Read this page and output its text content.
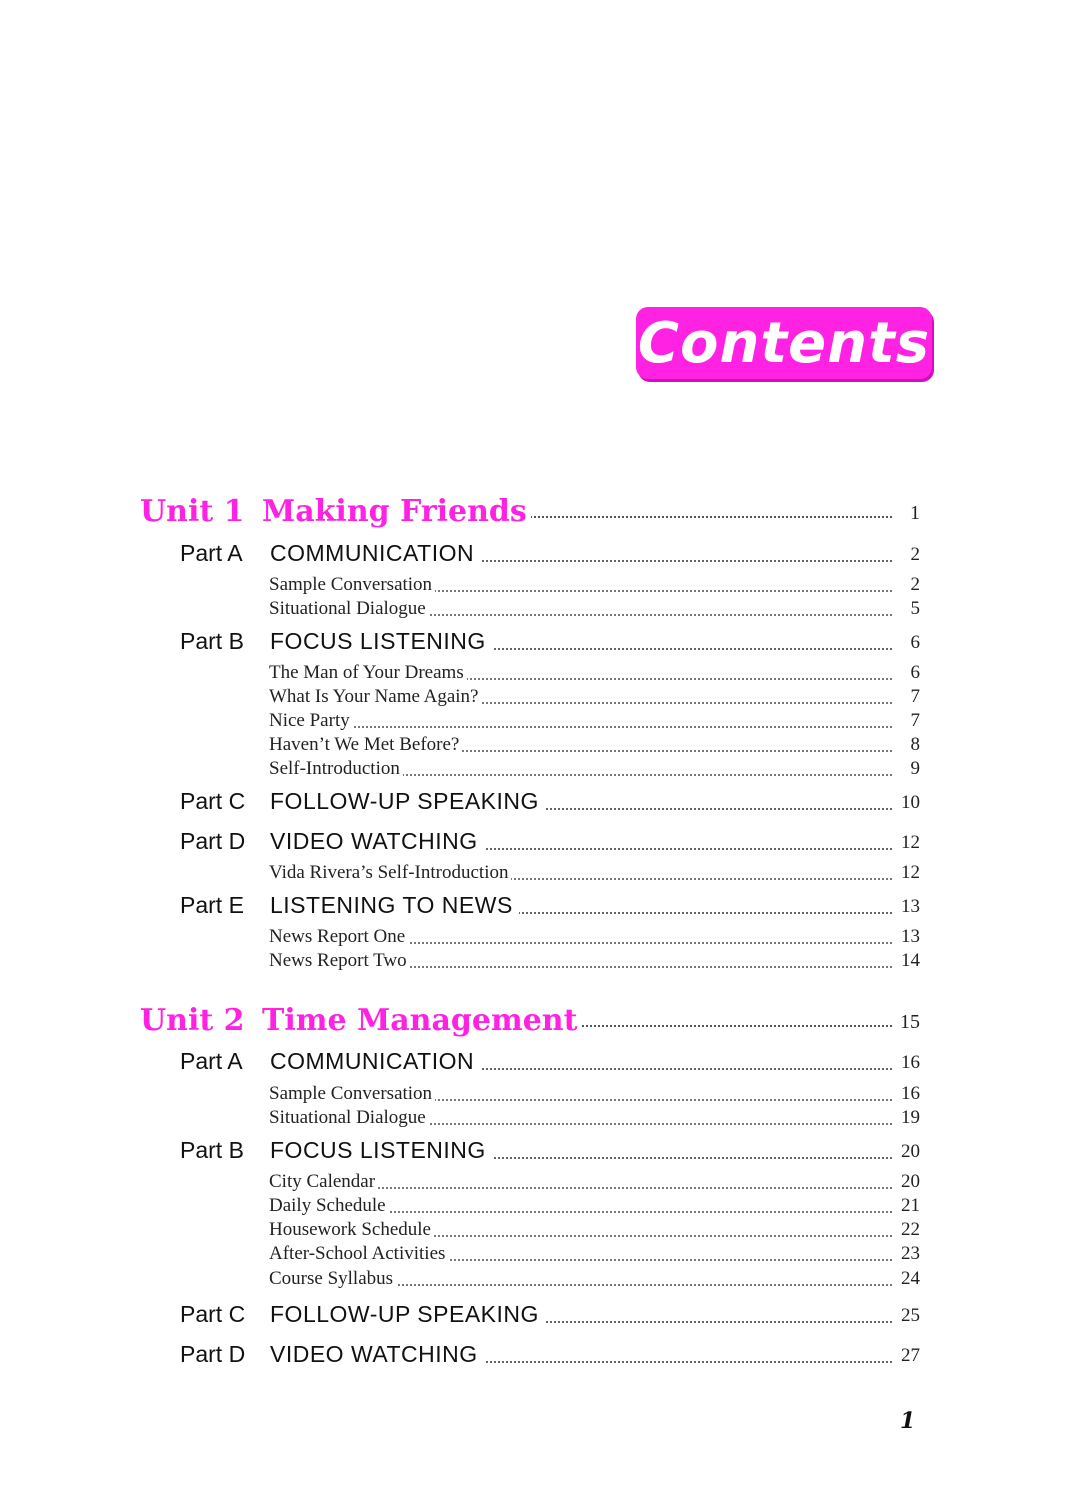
Contents
Unit 1 Making Friends	1
Part A COMMUNICATION	2
Sample Conversation	2
Situational Dialogue	5
Part B FOCUS LISTENING	6
The Man of Your Dreams	6
What Is Your Name Again?	7
Nice Party	7
Haven’t We Met Before?	8
Self-Introduction	9
Part C FOLLOW-UP SPEAKING	10
Part D VIDEO WATCHING	12
Vida Rivera’s Self-Introduction	12
Part E LISTENING TO NEWS	13
News Report One	13
News Report Two	14
Unit 2 Time Management	15
Part A COMMUNICATION	16
Sample Conversation	16
Situational Dialogue	19
Part B FOCUS LISTENING	20
City Calendar	20
Daily Schedule	21
Housework Schedule	22
After-School Activities	23
Course Syllabus	24
Part C FOLLOW-UP SPEAKING	25
Part D VIDEO WATCHING	27
1
